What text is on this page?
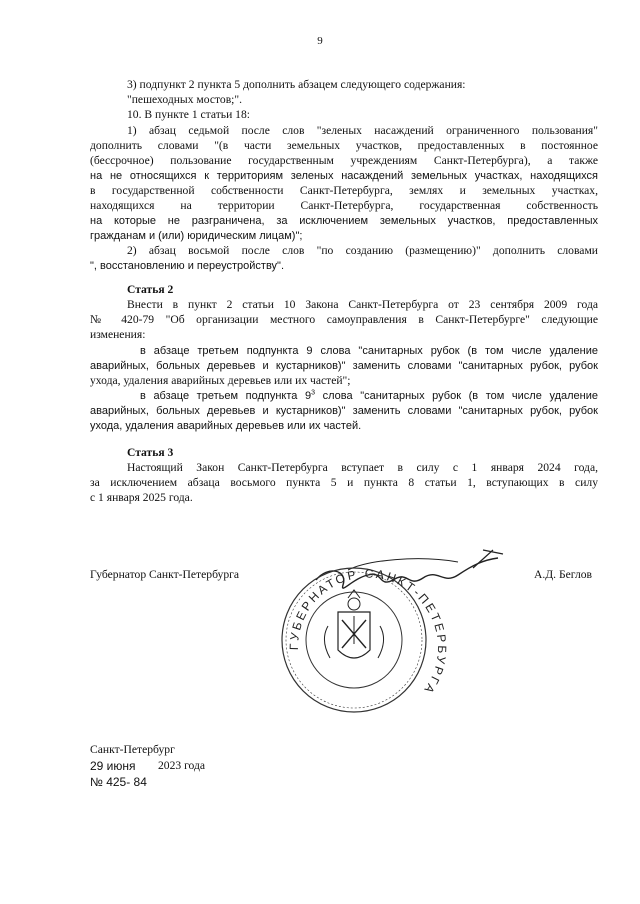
9
3) подпункт 2 пункта 5 дополнить абзацем следующего содержания:
"пешеходных мостов;".
10. В пункте 1 статьи 18:
1) абзац седьмой после слов "зеленых насаждений ограниченного пользования"
дополнить словами "(в части земельных участков, предоставленных в постоянное
(бессрочное) пользование государственным учреждениям Санкт-Петербурга), а также
на не относящихся к территориям зеленых насаждений земельных участках, находящихся
в государственной собственности Санкт-Петербурга, землях и земельных участках,
находящихся на территории Санкт-Петербурга, государственная собственность
на которые не разграничена, за исключением земельных участков, предоставленных
гражданам и (или) юридическим лицам)";
2) абзац восьмой после слов "по созданию (размещению)" дополнить словами
", восстановлению и переустройству".
Статья 2
Внести в пункт 2 статьи 10 Закона Санкт-Петербурга от 23 сентября 2009 года
№ 420-79 "Об организации местного самоуправления в Санкт-Петербурге" следующие
изменения:
в абзаце третьем подпункта 9 слова "санитарных рубок (в том числе удаление
аварийных, больных деревьев и кустарников)" заменить словами "санитарных рубок, рубок
ухода, удаления аварийных деревьев или их частей";
в абзаце третьем подпункта $9^3$ слова "санитарных рубок (в том числе удаление
аварийных, больных деревьев и кустарников)" заменить словами "санитарных рубок, рубок
ухода, удаления аварийных деревьев или их частей.
Статья 3
Настоящий Закон Санкт-Петербурга вступает в силу с 1 января 2024 года,
за исключением абзаца восьмого пункта 5 и пункта 8 статьи 1, вступающих в силу
с 1 января 2025 года.
Губернатор Санкт-Петербурга	А.Д. Беглов
ГУБЕРНАТОР САНКТ-ПЕТЕРБУРГА
Санкт-Петербург
29 июня 2023 года
№ 425- 84
